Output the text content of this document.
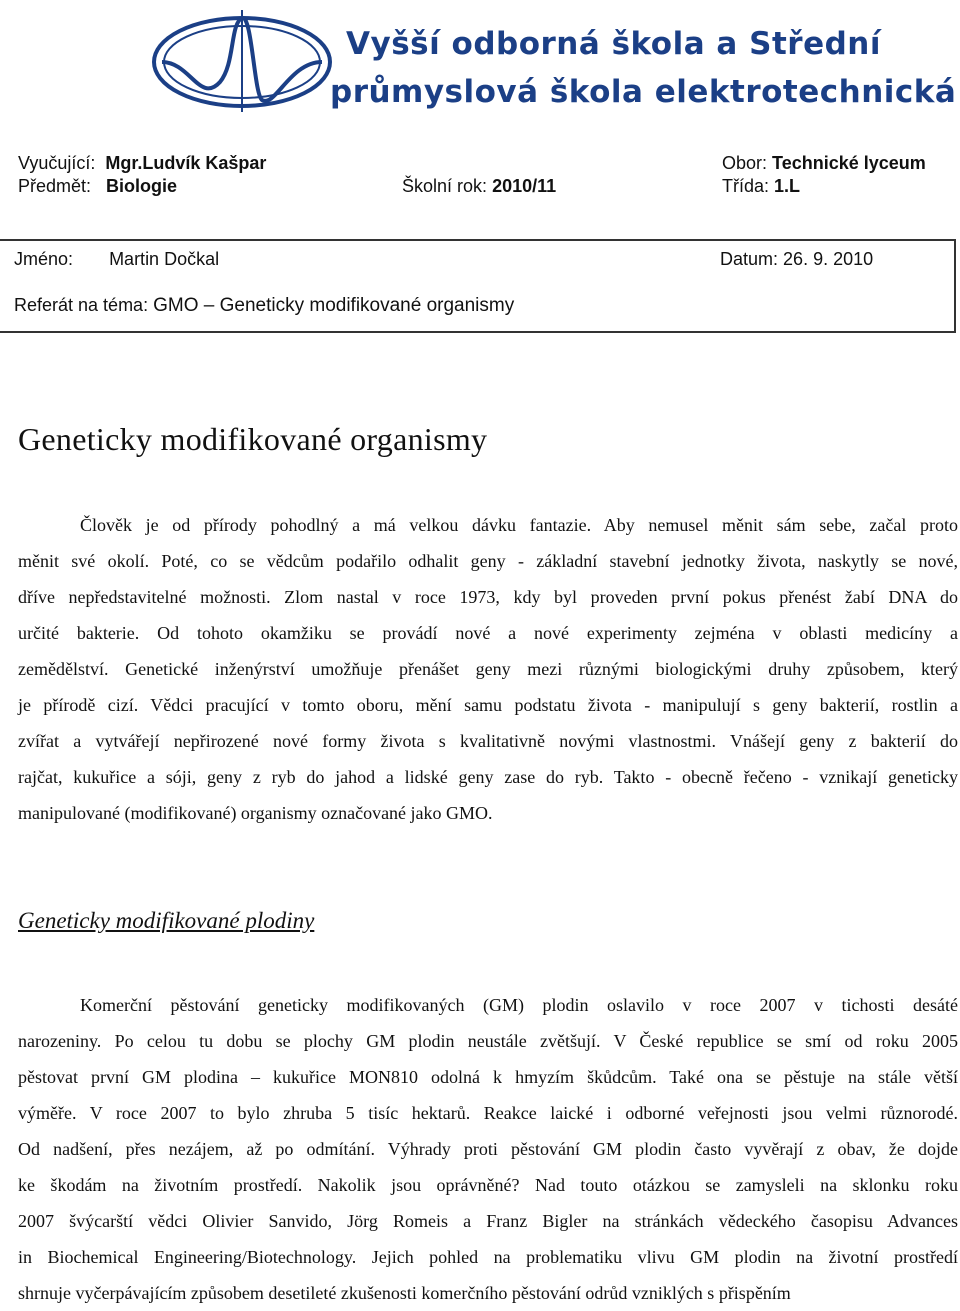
Vyšší odborná škola a Střední
průmyslová škola elektrotechnická
Vyučující: Mgr.Ludvík Kašpar
Předmět: Biologie	Školní rok: 2010/11
Obor: Technické lyceum
Třída: 1.L
Jméno: Martin Dočkal	Datum: 26. 9. 2010
Referát na téma: GMO – Geneticky modifikované organismy
Geneticky modifikované organismy
Člověk je od přírody pohodlný a má velkou dávku fantazie. Aby nemusel měnit sám sebe, začal proto
měnit své okolí. Poté, co se vědcům podařilo odhalit geny - základní stavební jednotky života, naskytly se nové,
dříve nepředstavitelné možnosti. Zlom nastal v roce 1973, kdy byl proveden první pokus přenést žabí DNA do
určité bakterie. Od tohoto okamžiku se provádí nové a nové experimenty zejména v oblasti medicíny a
zemědělství. Genetické inženýrství umožňuje přenášet geny mezi různými biologickými druhy způsobem, který
je přírodě cizí. Vědci pracující v tomto oboru, mění samu podstatu života - manipulují s geny bakterií, rostlin a
zvířat a vytvářejí nepřirozené nové formy života s kvalitativně novými vlastnostmi. Vnášejí geny z bakterií do
rajčat, kukuřice a sóji, geny z ryb do jahod a lidské geny zase do ryb. Takto - obecně řečeno - vznikají geneticky
manipulované (modifikované) organismy označované jako GMO.
Geneticky modifikované plodiny
Komerční pěstování geneticky modifikovaných (GM) plodin oslavilo v roce 2007 v tichosti desáté
narozeniny. Po celou tu dobu se plochy GM plodin neustále zvětšují. V České republice se smí od roku 2005
pěstovat první GM plodina – kukuřice MON810 odolná k hmyzím škůdcům. Také ona se pěstuje na stále větší
výměře. V roce 2007 to bylo zhruba 5 tisíc hektarů. Reakce laické i odborné veřejnosti jsou velmi různorodé.
Od nadšení, přes nezájem, až po odmítání. Výhrady proti pěstování GM plodin často vyvěrají z obav, že dojde
ke škodám na životním prostředí. Nakolik jsou oprávněné? Nad touto otázkou se zamysleli na sklonku roku
2007 švýcarští vědci Olivier Sanvido, Jörg Romeis a Franz Bigler na stránkách vědeckého časopisu Advances
in Biochemical Engineering/Biotechnology. Jejich pohled na problematiku vlivu GM plodin na životní prostředí
shrnuje vyčerpávajícím způsobem desetileté zkušenosti komerčního pěstování odrůd vzniklých s přispěním
